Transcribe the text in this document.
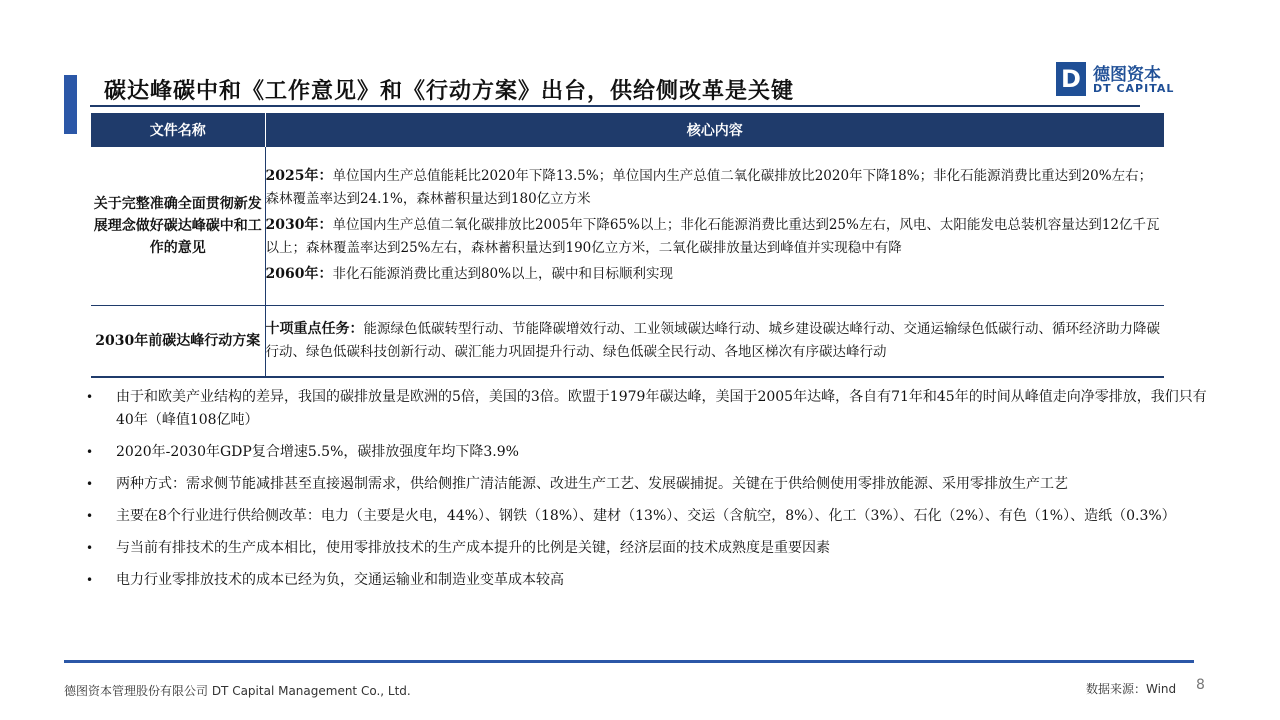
碳达峰碳中和《工作意见》和《行动方案》出台，供给侧改革是关键	D 德图资本
DT CAPITAL
文件名称	核心内容
关于完整准确全面贯彻新发展理念做好碳达峰碳中和工作的意见	2025年：单位国内生产总值能耗比2020年下降13.5%；单位国内生产总值二氧化碳排放比2020年下降18%；非化石能源消费比重达到20%左右；森林覆盖率达到24.1%，森林蓄积量达到180亿立方米

2030年：单位国内生产总值二氧化碳排放比2005年下降65%以上；非化石能源消费比重达到25%左右，风电、太阳能发电总装机容量达到12亿千瓦以上；森林覆盖率达到25%左右，森林蓄积量达到190亿立方米，二氧化碳排放量达到峰值并实现稳中有降

2060年：非化石能源消费比重达到80%以上，碳中和目标顺利实现

2030年前碳达峰行动方案	十项重点任务：能源绿色低碳转型行动、节能降碳增效行动、工业领域碳达峰行动、城乡建设碳达峰行动、交通运输绿色低碳行动、循环经济助力降碳行动、绿色低碳科技创新行动、碳汇能力巩固提升行动、绿色低碳全民行动、各地区梯次有序碳达峰行动

• 由于和欧美产业结构的差异，我国的碳排放量是欧洲的5倍，美国的3倍。欧盟于1979年碳达峰，美国于2005年达峰，各自有71年和45年的时间从峰值走向净零排放，我们只有40年（峰值108亿吨）
• 2020年-2030年GDP复合增速5.5%，碳排放强度年均下降3.9%
• 两种方式：需求侧节能减排甚至直接遏制需求，供给侧推广清洁能源、改进生产工艺、发展碳捕捉。关键在于供给侧使用零排放能源、采用零排放生产工艺
• 主要在8个行业进行供给侧改革：电力（主要是火电，44%）、钢铁（18%）、建材（13%）、交运（含航空，8%）、化工（3%）、石化（2%）、有色（1%）、造纸（0.3%）
• 与当前有排技术的生产成本相比，使用零排放技术的生产成本提升的比例是关键，经济层面的技术成熟度是重要因素
• 电力行业零排放技术的成本已经为负，交通运输业和制造业变革成本较高
德图资本管理股份有限公司 DT Capital Management Co., Ltd.	数据来源：Wind 8
